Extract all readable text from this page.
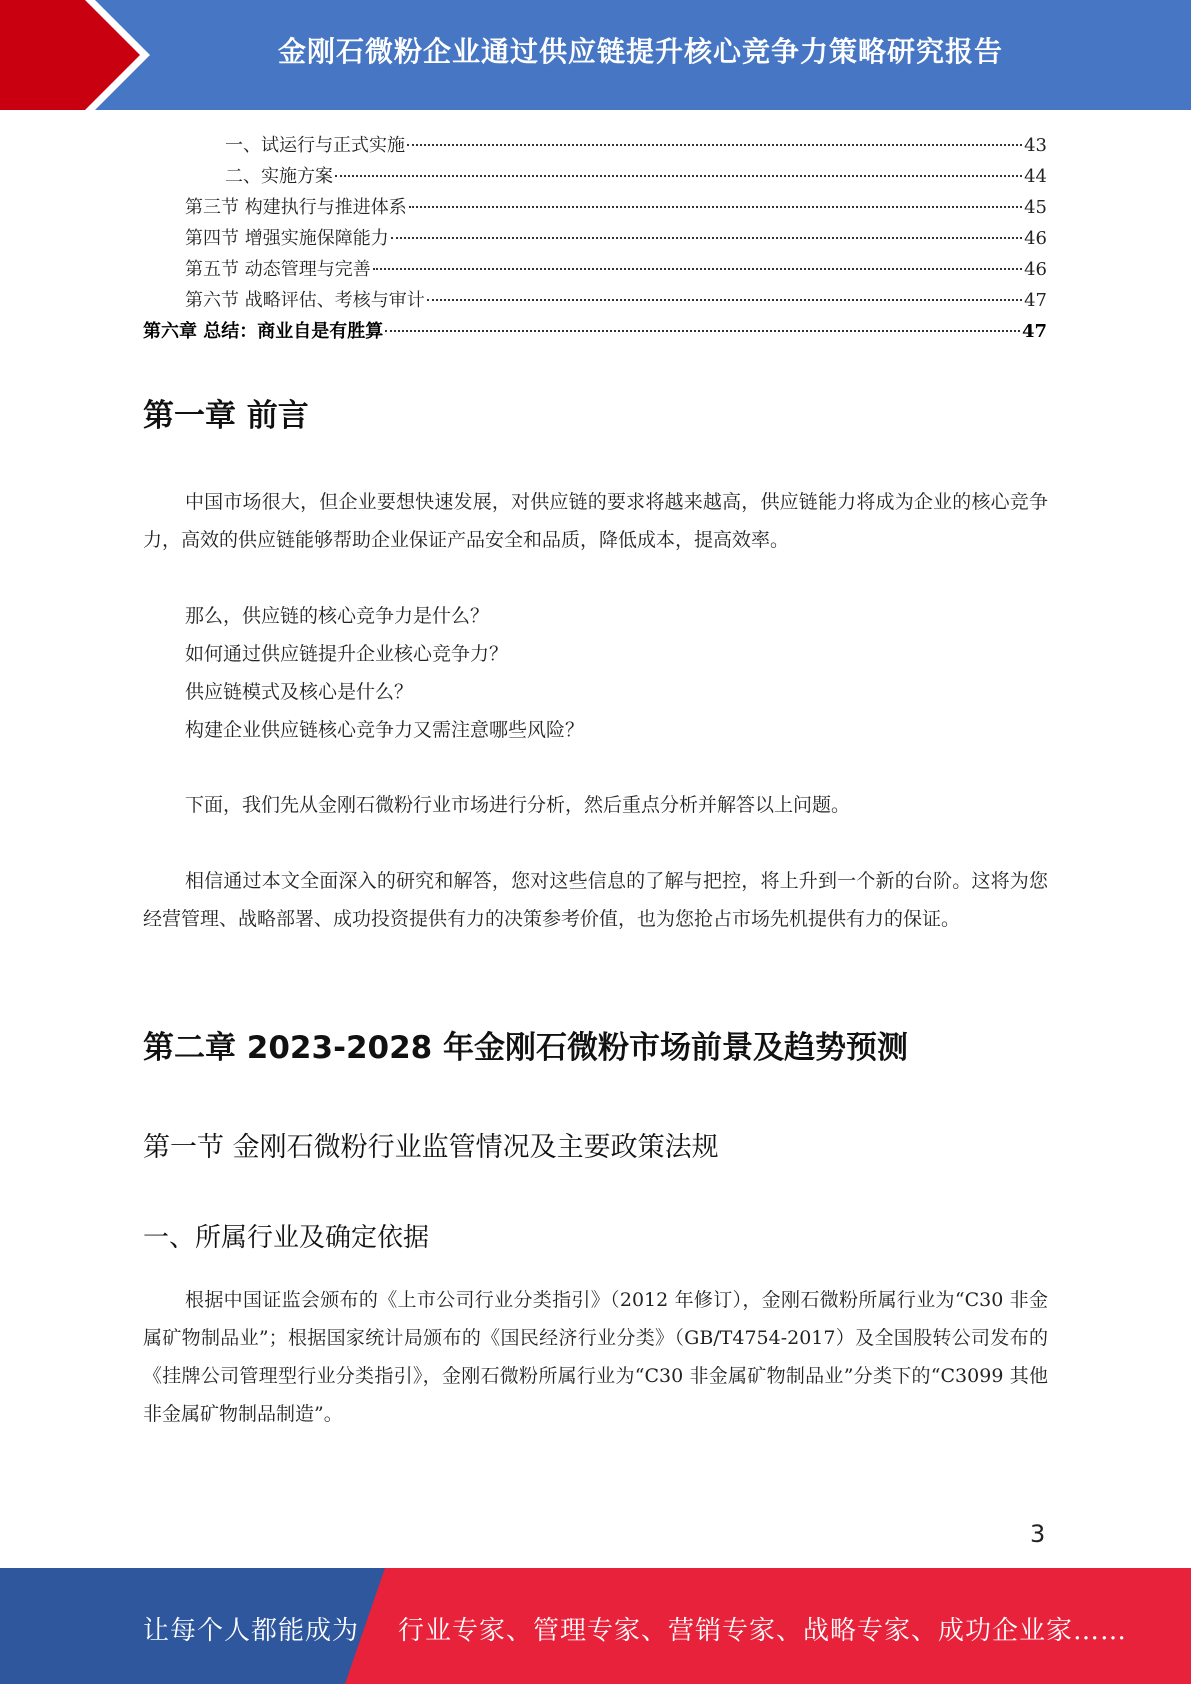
金刚石微粉企业通过供应链提升核心竞争力策略研究报告
一、试运行与正式实施	43
二、实施方案	44
第三节 构建执行与推进体系	45
第四节 增强实施保障能力	46
第五节 动态管理与完善	46
第六节 战略评估、考核与审计	47
第六章 总结：商业自是有胜算	47
第一章 前言

中国市场很大，但企业要想快速发展，对供应链的要求将越来越高，供应链能力将成为企业的核心竞争力，高效的供应链能够帮助企业保证产品安全和品质，降低成本，提高效率。

那么，供应链的核心竞争力是什么？
如何通过供应链提升企业核心竞争力？
供应链模式及核心是什么？
构建企业供应链核心竞争力又需注意哪些风险？

下面，我们先从金刚石微粉行业市场进行分析，然后重点分析并解答以上问题。

相信通过本文全面深入的研究和解答，您对这些信息的了解与把控，将上升到一个新的台阶。这将为您经营管理、战略部署、成功投资提供有力的决策参考价值，也为您抢占市场先机提供有力的保证。

第二章 2023-2028 年金刚石微粉市场前景及趋势预测
第一节 金刚石微粉行业监管情况及主要政策法规
一、所属行业及确定依据

根据中国证监会颁布的《上市公司行业分类指引》（2012 年修订），金刚石微粉所属行业为“C30 非金属矿物制品业”；根据国家统计局颁布的《国民经济行业分类》（GB/T4754-2017）及全国股转公司发布的《挂牌公司管理型行业分类指引》，金刚石微粉所属行业为“C30 非金属矿物制品业”分类下的“C3099 其他非金属矿物制品制造”。

3
让每个人都能成为 行业专家、管理专家、营销专家、战略专家、成功企业家……
